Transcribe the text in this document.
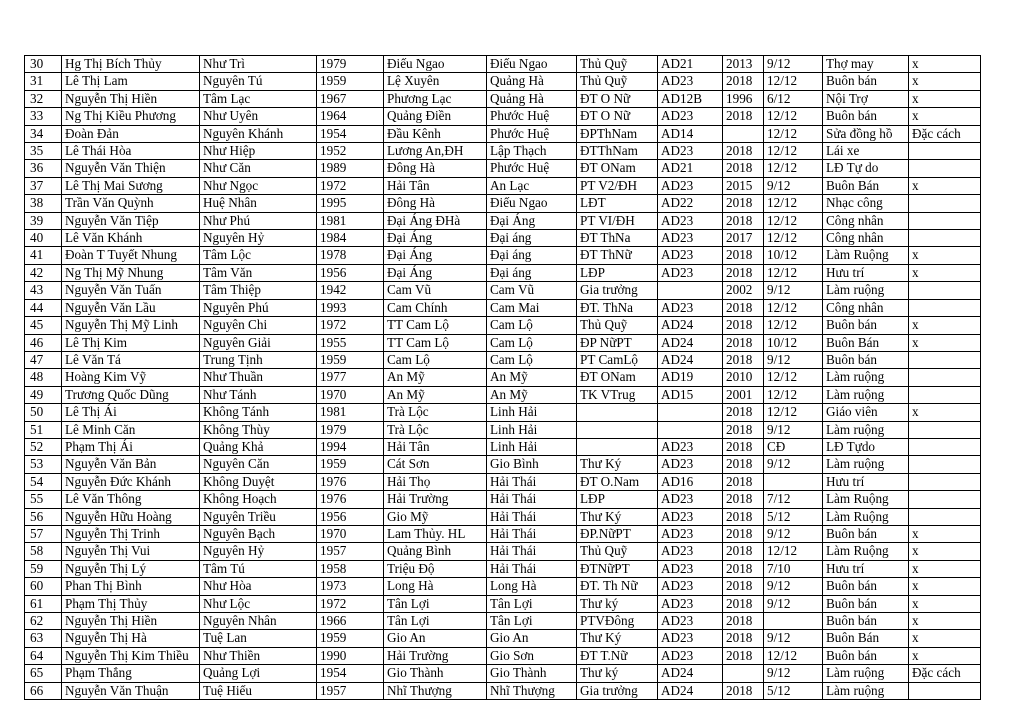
30	Hg Thị Bích Thủy	Như Trì	1979	Điếu Ngao	Điếu Ngao	Thủ Quỹ	AD21	2013	9/12	Thợ may	x
31	Lê Thị Lam	Nguyên Tú	1959	Lệ Xuyên	Quảng Hà	Thủ Quỹ	AD23	2018	12/12	Buôn bán	x
32	Nguyễn Thị Hiền	Tâm Lạc	1967	Phương Lạc	Quảng Hà	ĐT O Nữ	AD12B	1996	6/12	Nội Trợ	x
33	Ng Thị Kiều Phương	Như Uyên	1964	Quảng Điền	Phước Huệ	ĐT O Nữ	AD23	2018	12/12	Buôn bán	x
34	Đoàn Đản	Nguyên Khánh	1954	Đầu Kênh	Phước Huệ	ĐPThNam	AD14		12/12	Sửa đồng hồ	Đặc cách
35	Lê Thái Hòa	Như Hiệp	1952	Lương An,ĐH	Lập Thạch	ĐTThNam	AD23	2018	12/12	Lái xe	
36	Nguyễn Văn Thiện	Như Căn	1989	Đông Hà	Phước Huệ	ĐT ONam	AD21	2018	12/12	LĐ Tự do	
37	Lê Thị Mai Sương	Như Ngọc	1972	Hải Tân	An Lạc	PT V2/ĐH	AD23	2015	9/12	Buôn Bán	x
38	Trần Văn Quỳnh	Huệ Nhân	1995	Đông Hà	Điếu Ngao	LĐT	AD22	2018	12/12	Nhạc công	
39	Nguyễn Văn Tiệp	Như Phú	1981	Đại Áng ĐHà	Đại Áng	PT VI/ĐH	AD23	2018	12/12	Công nhân	
40	Lê Văn Khánh	Nguyên Hỷ	1984	Đại Áng	Đại áng	ĐT ThNa	AD23	2017	12/12	Công nhân	
41	Đoàn T Tuyết Nhung	Tâm Lộc	1978	Đại Áng	Đại áng	ĐT ThNữ	AD23	2018	10/12	Làm Ruộng	x
42	Ng Thị Mỹ Nhung	Tâm Văn	1956	Đại Áng	Đại áng	LĐP	AD23	2018	12/12	Hưu trí	x
43	Nguyễn Văn Tuấn	Tâm Thiệp	1942	Cam Vũ	Cam Vũ	Gia trưởng		2002	9/12	Làm ruộng	
44	Nguyễn Văn Lầu	Nguyên Phú	1993	Cam Chính	Cam Mai	ĐT. ThNa	AD23	2018	12/12	Công nhân	
45	Nguyễn Thị Mỹ Linh	Nguyên Chi	1972	TT Cam Lộ	Cam Lộ	Thủ Quỹ	AD24	2018	12/12	Buôn bán	x
46	Lê Thị Kim	Nguyên Giải	1955	TT Cam Lộ	Cam Lộ	ĐP NữPT	AD24	2018	10/12	Buôn Bán	x
47	Lê Văn Tá	Trung Tịnh	1959	Cam Lộ	Cam Lộ	PT CamLộ	AD24	2018	9/12	Buôn bán	
48	Hoàng Kim Vỹ	Như Thuần	1977	An Mỹ	An Mỹ	ĐT ONam	AD19	2010	12/12	Làm ruộng	
49	Trương Quốc Dũng	Như Tánh	1970	An Mỹ	An Mỹ	TK VTrug	AD15	2001	12/12	Làm ruộng	
50	Lê Thị Ái	Không Tánh	1981	Trà Lộc	Linh Hải			2018	12/12	Giáo viên	x
51	Lê Minh Căn	Không Thùy	1979	Trà Lộc	Linh Hải			2018	9/12	Làm ruộng	
52	Phạm Thị Ái	Quảng Khả	1994	Hải Tân	Linh Hải		AD23	2018	CĐ	LĐ Tựdo	
53	Nguyễn Văn Bản	Nguyên Căn	1959	Cát Sơn	Gio Bình	Thư Ký	AD23	2018	9/12	Làm ruộng	
54	Nguyễn Đức Khánh	Không Duyệt	1976	Hải Thọ	Hải Thái	ĐT O.Nam	AD16	2018		Hưu trí	
55	Lê Văn Thông	Không Hoạch	1976	Hải Trường	Hải Thái	LĐP	AD23	2018	7/12	Làm Ruộng	
56	Nguyễn Hữu Hoàng	Nguyên Triều	1956	Gio Mỹ	Hải Thái	Thư Ký	AD23	2018	5/12	Làm Ruộng	
57	Nguyễn Thị Trinh	Nguyên Bạch	1970	Lam Thủy. HL	Hải Thái	ĐP.NữPT	AD23	2018	9/12	Buôn bán	x
58	Nguyễn Thị Vui	Nguyên Hỷ	1957	Quảng Bình	Hải Thái	Thủ Quỹ	AD23	2018	12/12	Làm Ruộng	x
59	Nguyễn Thị Lý	Tâm Tú	1958	Triệu Độ	Hải Thái	ĐTNữPT	AD23	2018	7/10	Hưu trí	x
60	Phan Thị Bình	Như Hòa	1973	Long Hà	Long Hà	ĐT. Th Nữ	AD23	2018	9/12	Buôn bán	x
61	Phạm Thị Thủy	Như Lộc	1972	Tân Lợi	Tân Lợi	Thư ký	AD23	2018	9/12	Buôn bán	x
62	Nguyễn Thị Hiền	Nguyên Nhân	1966	Tân Lợi	Tân Lợi	PTVĐông	AD23	2018		Buôn bán	x
63	Nguyễn Thị Hà	Tuệ Lan	1959	Gio An	Gio An	Thư Ký	AD23	2018	9/12	Buôn Bán	x
64	Nguyễn Thị Kim Thiều	Như Thiền	1990	Hải Trường	Gio Sơn	ĐT T.Nữ	AD23	2018	12/12	Buôn bán	x
65	Phạm Thắng	Quảng Lợi	1954	Gio Thành	Gio Thành	Thư ký	AD24		9/12	Làm ruộng	Đặc cách
66	Nguyễn Văn Thuận	Tuệ Hiếu	1957	Nhĩ Thượng	Nhĩ Thượng	Gia trưởng	AD24	2018	5/12	Làm ruộng	
